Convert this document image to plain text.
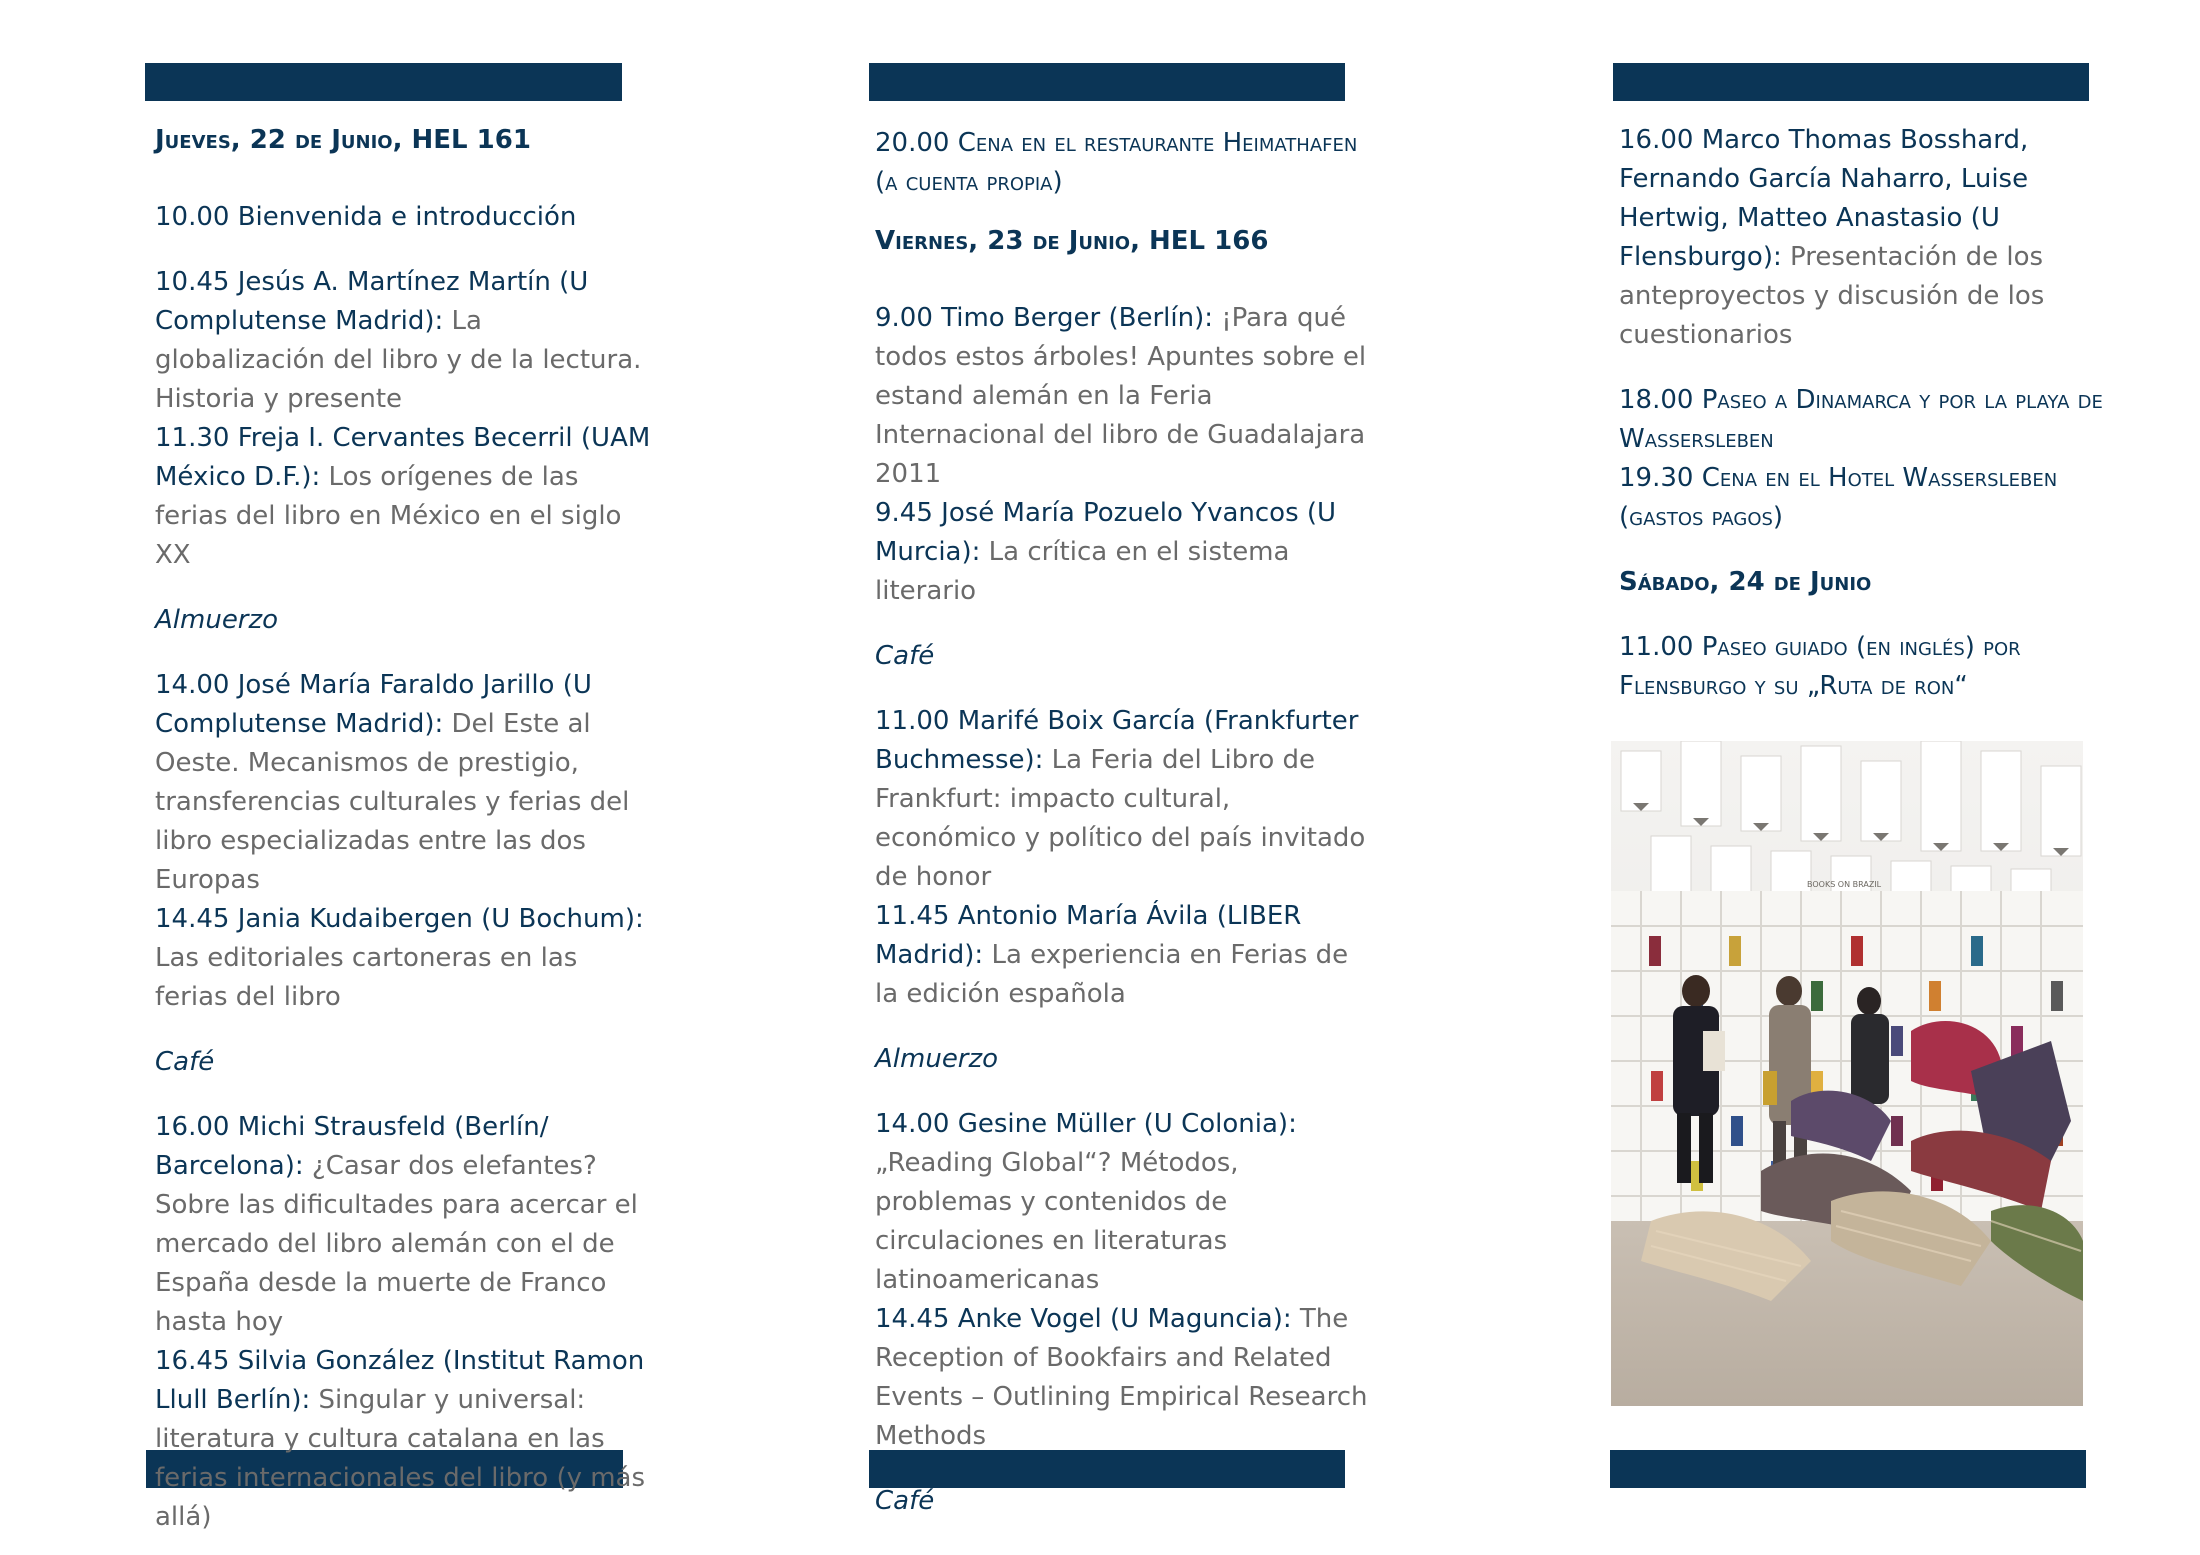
Jueves, 22 de Junio, HEL 161

10.00 Bienvenida e introducción

10.45 Jesús A. Martínez Martín (U Complutense Madrid): La globalización del libro y de la lectura. Historia y presente

11.30 Freja I. Cervantes Becerril (UAM México D.F.): Los orígenes de las ferias del libro en México en el siglo XX

Almuerzo

14.00 José María Faraldo Jarillo (U Complutense Madrid): Del Este al Oeste. Mecanismos de prestigio, transferencias culturales y ferias del libro especializadas entre las dos Europas

14.45 Jania Kudaibergen (U Bochum): Las editoriales cartoneras en las ferias del libro

Café

16.00 Michi Strausfeld (Berlín/ Barcelona): ¿Casar dos elefantes? Sobre las dificultades para acercar el mercado del libro alemán con el de España desde la muerte de Franco hasta hoy

16.45 Silvia González (Institut Ramon Llull Berlín): Singular y universal: literatura y cultura catalana en las ferias internacionales del libro (y más allá)

20.00 Cena en el restaurante Heimathafen (a cuenta propia)

Viernes, 23 de Junio, HEL 166

9.00 Timo Berger (Berlín): ¡Para qué todos estos árboles! Apuntes sobre el estand alemán en la Feria Internacional del libro de Guadalajara 2011

9.45 José María Pozuelo Yvancos (U Murcia): La crítica en el sistema literario

Café

11.00 Marifé Boix García (Frankfurter Buchmesse): La Feria del Libro de Frankfurt: impacto cultural, económico y político del país invitado de honor

11.45 Antonio María Ávila (LIBER Madrid): La experiencia en Ferias de la edición española

Almuerzo

14.00 Gesine Müller (U Colonia): „Reading Global“? Métodos, problemas y contenidos de circulaciones en literaturas latinoamericanas

14.45 Anke Vogel (U Maguncia): The Reception of Bookfairs and Related Events – Outlining Empirical Research Methods

Café

16.00 Marco Thomas Bosshard, Fernando García Naharro, Luise Hertwig, Matteo Anastasio (U Flensburgo): Presentación de los anteproyectos y discusión de los cuestionarios

18.00 Paseo a Dinamarca y por la playa de Wassersleben

19.30 Cena en el Hotel Wassersleben (gastos pagos)

Sábado, 24 de Junio

11.00 Paseo guiado (en inglés) por Flensburgo y su „Ruta de ron“

BOOKS ON BRAZIL
